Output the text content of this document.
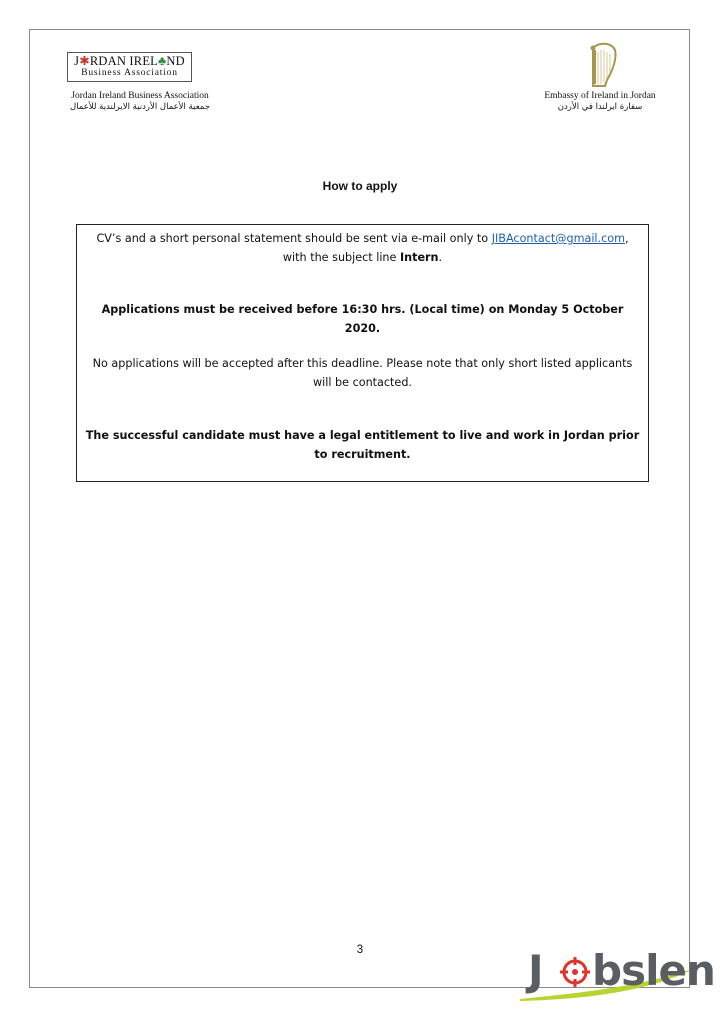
J✱RDAN IREL♣ND
Business Association
Jordan Ireland Business Association
جمعية الأعمال الأردنية الايرلندية للأعمال
Embassy of Ireland in Jordan
سفارة ايرلندا في الأردن
How to apply
CV’s and a short personal statement should be sent via e-mail only to JIBAcontact@gmail.com, with the subject line Intern.
Applications must be received before 16:30 hrs. (Local time) on Monday 5 October 2020.
No applications will be accepted after this deadline. Please note that only short listed applicants will be contacted.
The successful candidate must have a legal entitlement to live and work in Jordan prior to recruitment.
3	J bslen
